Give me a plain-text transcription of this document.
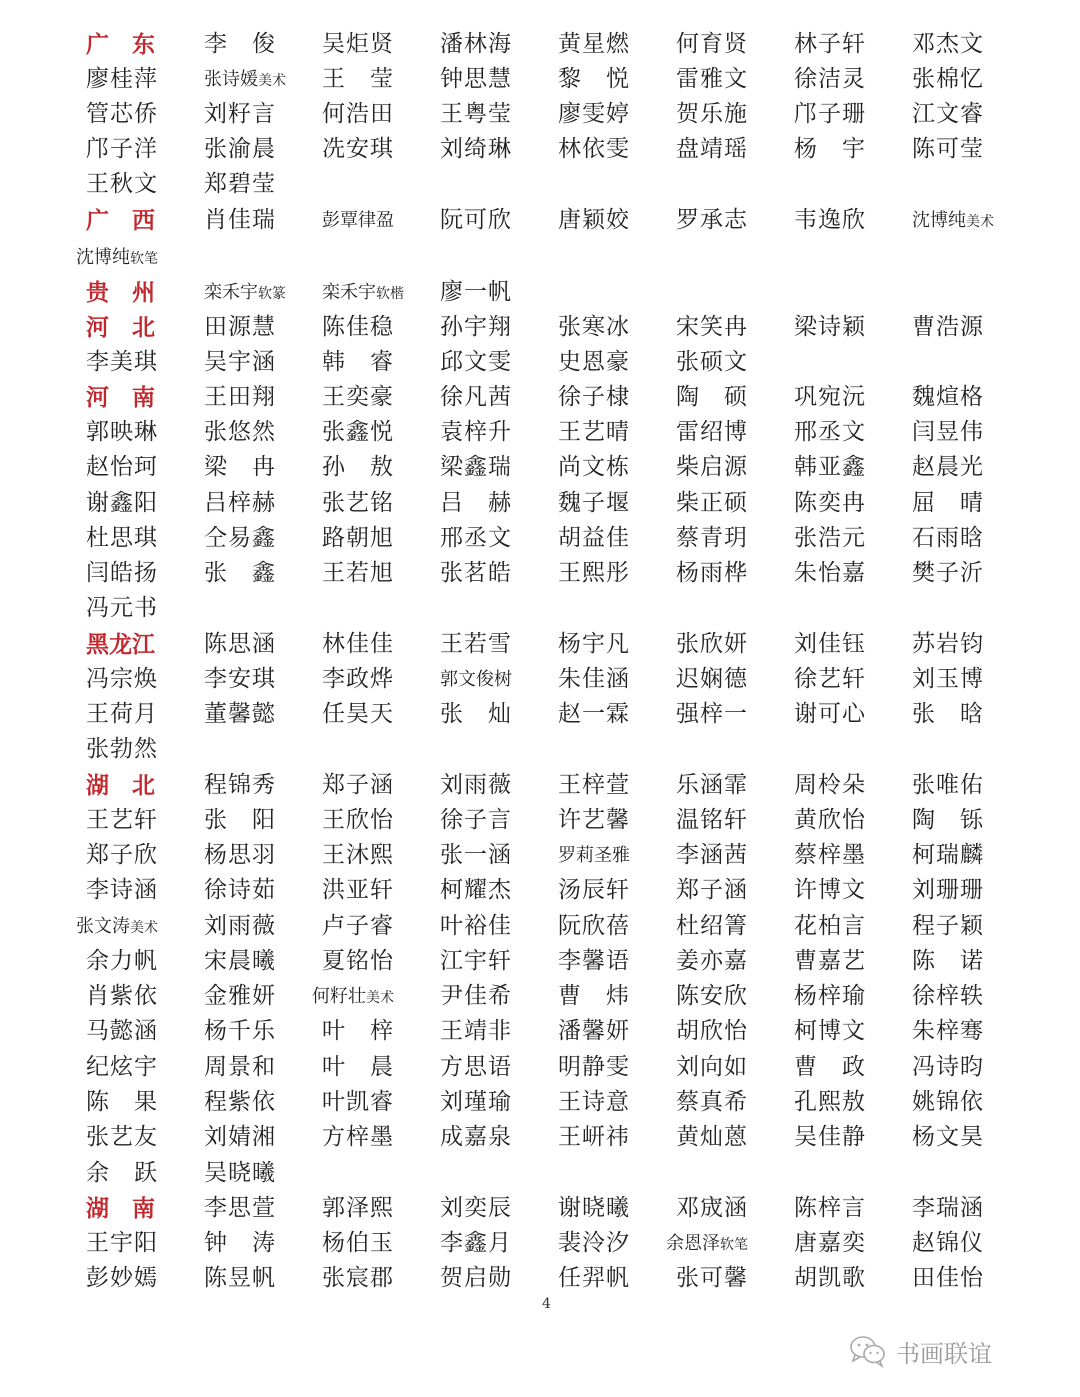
广　东 李　俊 吴炬贤 潘林海 黄星燃 何育贤 林子轩 邓杰文
廖桂萍	张诗媛美术 王　莹 钟思慧 黎　悦 雷雅文 徐洁灵 张棉忆
管芯侨 刘籽言 何浩田 王粤莹 廖雯婷 贺乐施 邝子珊 江文睿
邝子洋 张渝晨 冼安琪 刘绮琳 林依雯 盘靖瑶 杨　宇 陈可莹
王秋文 郑碧莹
广　西 肖佳瑞	彭覃律盈 阮可欣 唐颖姣 罗承志 韦逸欣	沈博纯美术
沈博纯软笔
贵　州	栾禾宇软篆 栾禾宇软楷 廖一帆
河　北 田源慧 陈佳稳 孙宇翔 张寒冰 宋笑冉 梁诗颖 曹浩源
李美琪 吴宇涵 韩　睿 邱文雯 史恩豪 张硕文
河　南 王田翔 王奕豪 徐凡茜 徐子棣 陶　硕 巩宛沅 魏煊格
郭映琳 张悠然 张鑫悦 袁梓升 王艺晴 雷绍博 邢丞文 闫昱伟
赵怡珂 梁　冉 孙　敖 梁鑫瑞 尚文栋 柴启源 韩亚鑫 赵晨光
谢鑫阳 吕梓赫 张艺铭 吕　赫 魏子堰 柴正硕 陈奕冉 屈　晴
杜思琪 仝易鑫 路朝旭 邢丞文 胡益佳 蔡青玥 张浩元 石雨晗
闫皓扬 张　鑫 王若旭 张茗皓 王熙彤 杨雨桦 朱怡嘉 樊子沂
冯元书
黑龙江 陈思涵 林佳佳 王若雪 杨宇凡 张欣妍 刘佳钰 苏岩钧
冯宗焕 李安琪 李政烨	郭文俊树 朱佳涵 迟娴德 徐艺轩 刘玉博
王荷月 董馨懿 任昊天 张　灿 赵一霖 强梓一 谢可心 张　晗
张勃然
湖　北 程锦秀 郑子涵 刘雨薇 王梓萱 乐涵霏 周柃朵 张唯佑
王艺轩 张　阳 王欣怡 徐子言 许艺馨 温铭轩 黄欣怡 陶　铄
郑子欣 杨思羽 王沐熙 张一涵	罗莉圣雅 李涵茜 蔡梓墨 柯瑞麟
李诗涵 徐诗茹 洪亚轩 柯耀杰 汤辰轩 郑子涵 许博文 刘珊珊
张文涛美术 刘雨薇 卢子睿 叶裕佳 阮欣蓓 杜绍箐 花柏言 程子颖
余力帆 宋晨曦 夏铭怡 江宇轩 李馨语 姜亦嘉 曹嘉艺 陈　诺
肖紫依 金雅妍 何籽壮美术 尹佳希 曹　炜 陈安欣 杨梓瑜 徐梓轶
马懿涵 杨千乐 叶　梓 王靖非 潘馨妍 胡欣怡 柯博文 朱梓骞
纪炫宇 周景和 叶　晨 方思语 明静雯 刘向如 曹　政 冯诗昀
陈　果 程紫依 叶凯睿 刘瑾瑜 王诗意 蔡真希 孔熙敖 姚锦依
张艺友 刘婧湘 方梓墨 成嘉泉 王岍祎 黄灿蒽 吴佳静 杨文昊
余　跃 吴晓曦
湖　南 李思萱 郭泽熙 刘奕辰 谢晓曦 邓宬涵 陈梓言 李瑞涵
王宇阳 钟　涛 杨伯玉 李鑫月 裴泠汐 余恩泽软笔 唐嘉奕 赵锦仪
彭妙嫣 陈昱帆 张宸郡 贺启勋 任羿帆 张可馨 胡凯歌 田佳怡
4
书画联谊
